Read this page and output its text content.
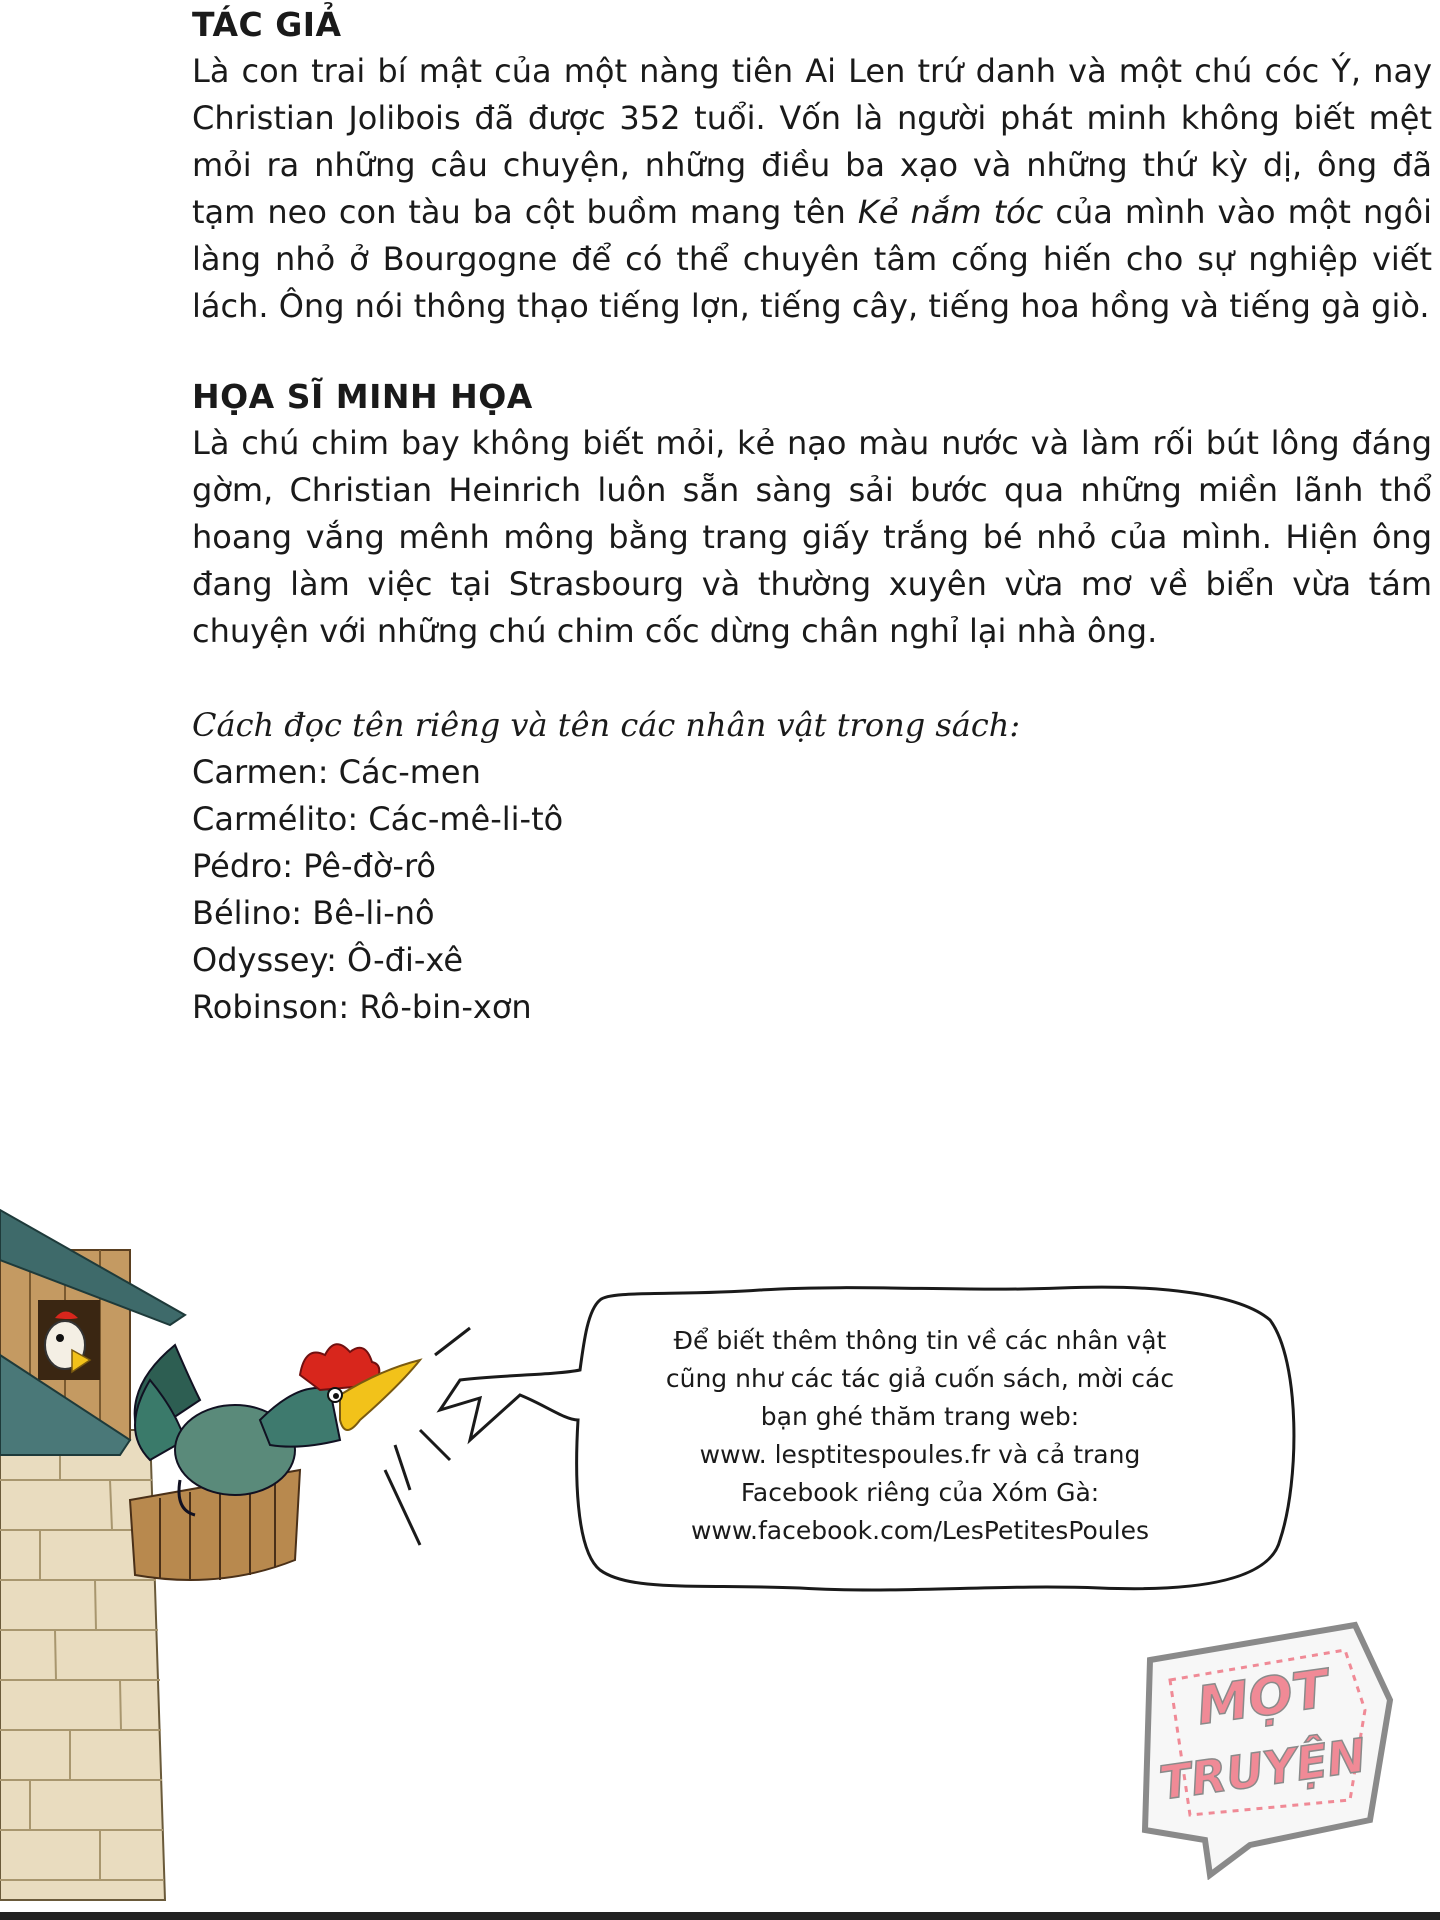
TÁC GIẢ

Là con trai bí mật của một nàng tiên Ai Len trứ danh và một chú cóc Ý, nay Christian Jolibois đã được 352 tuổi. Vốn là người phát minh không biết mệt mỏi ra những câu chuyện, những điều ba xạo và những thứ kỳ dị, ông đã tạm neo con tàu ba cột buồm mang tên Kẻ nắm tóc của mình vào một ngôi làng nhỏ ở Bourgogne để có thể chuyên tâm cống hiến cho sự nghiệp viết lách. Ông nói thông thạo tiếng lợn, tiếng cây, tiếng hoa hồng và tiếng gà giò.

HỌA SĨ MINH HỌA

Là chú chim bay không biết mỏi, kẻ nạo màu nước và làm rối bút lông đáng gờm, Christian Heinrich luôn sẵn sàng sải bước qua những miền lãnh thổ hoang vắng mênh mông bằng trang giấy trắng bé nhỏ của mình. Hiện ông đang làm việc tại Strasbourg và thường xuyên vừa mơ về biển vừa tám chuyện với những chú chim cốc dừng chân nghỉ lại nhà ông.

Cách đọc tên riêng và tên các nhân vật trong sách:

Carmen: Các-men
Carmélito: Các-mê-li-tô
Pédro: Pê-đờ-rô
Bélino: Bê-li-nô
Odyssey: Ô-đi-xê
Robinson: Rô-bin-xơn
Để biết thêm thông tin về các nhân vật
cũng như các tác giả cuốn sách, mời các
bạn ghé thăm trang web:
www. lesptitespoules.fr và cả trang
Facebook riêng của Xóm Gà:
www.facebook.com/LesPetitesPoules
MỌT
TRUYỆN
